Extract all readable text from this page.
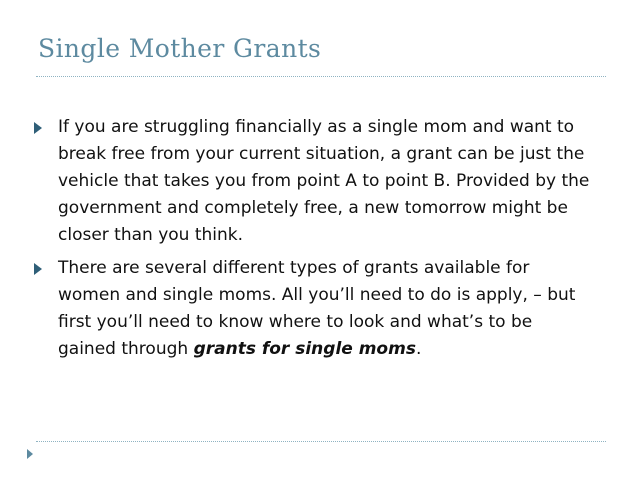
Single Mother Grants
If you are struggling financially as a single mom and want to break free from your current situation, a grant can be just the vehicle that takes you from point A to point B. Provided by the government and completely free, a new tomorrow might be closer than you think.
There are several different types of grants available for women and single moms. All you’ll need to do is apply, – but first you’ll need to know where to look and what’s to be gained through grants for single moms.
